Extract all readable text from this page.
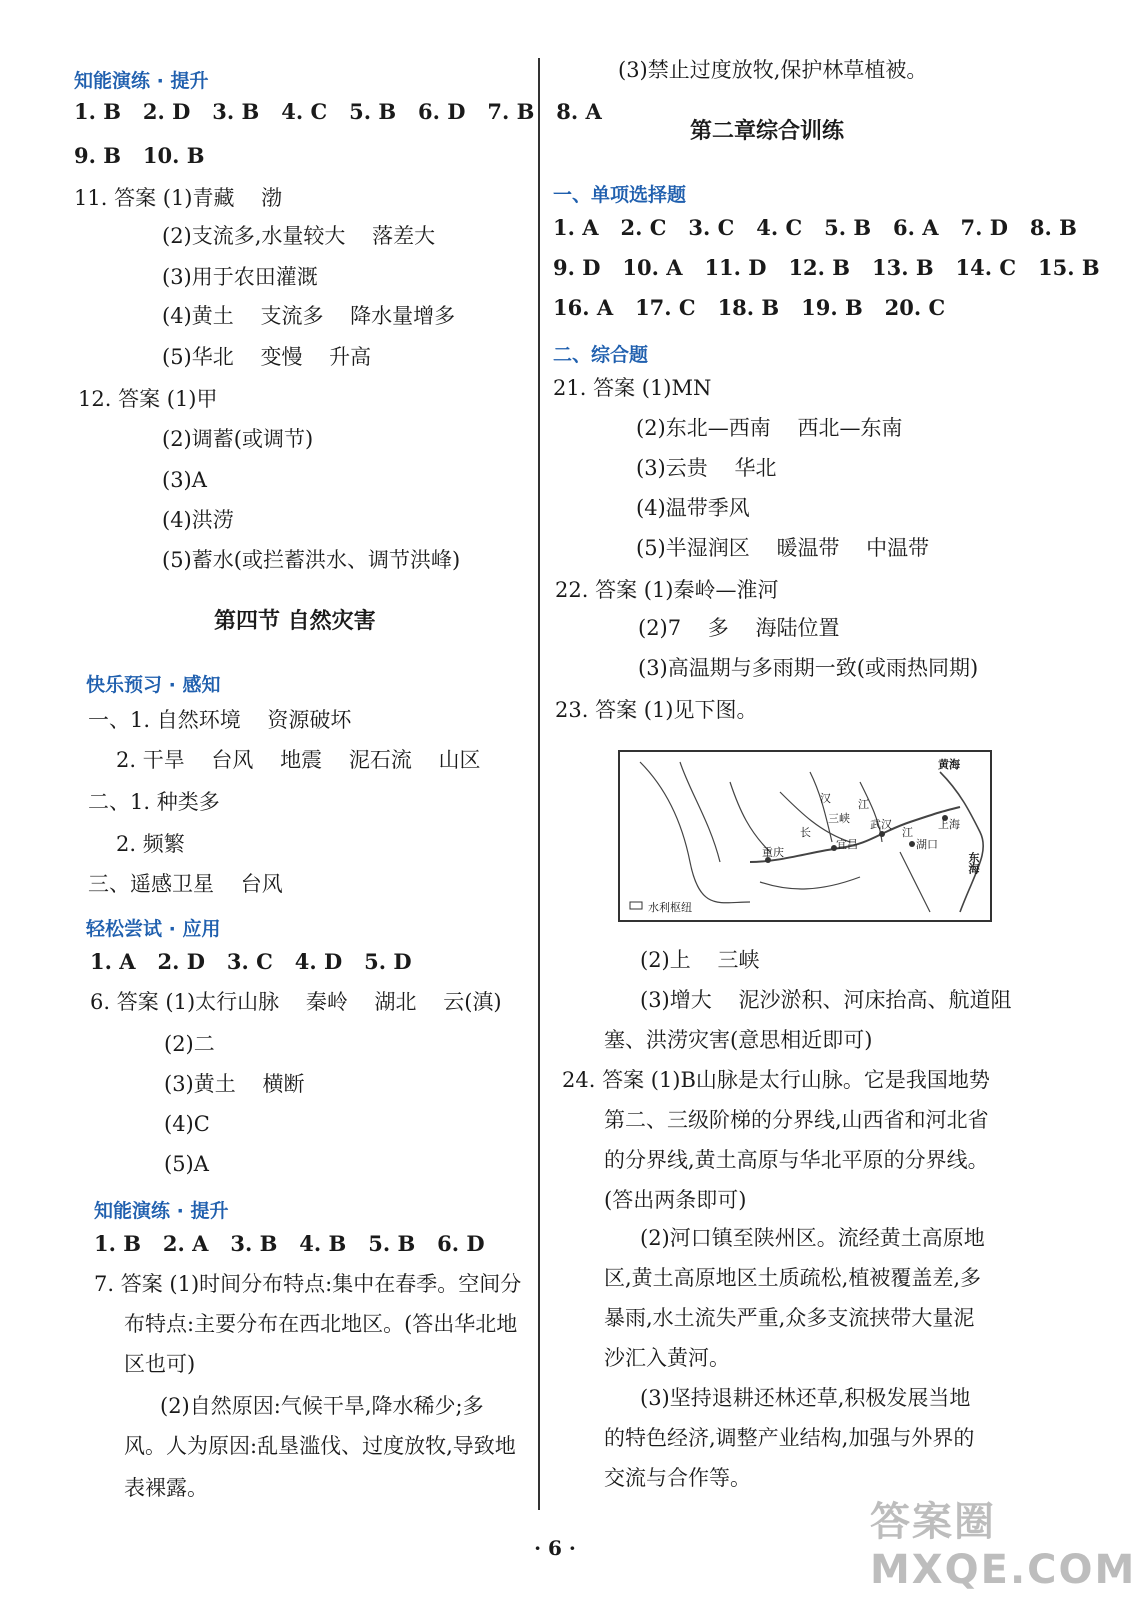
知能演练 · 提升
1. B   2. D   3. B   4. C   5. B   6. D   7. B   8. A
9. B   10. B
11. 答案 (1)青藏    渤
(2)支流多,水量较大    落差大
(3)用于农田灌溉
(4)黄土    支流多    降水量增多
(5)华北    变慢    升高
12. 答案 (1)甲
(2)调蓄(或调节)
(3)A
(4)洪涝
(5)蓄水(或拦蓄洪水、调节洪峰)
第四节 自然灾害
快乐预习 · 感知
一、1. 自然环境    资源破坏
2. 干旱    台风    地震    泥石流    山区
二、1. 种类多
2. 频繁
三、遥感卫星    台风
轻松尝试 · 应用
1. A   2. D   3. C   4. D   5. D
6. 答案 (1)太行山脉    秦岭    湖北    云(滇)
(2)二
(3)黄土    横断
(4)C
(5)A
知能演练 · 提升
1. B   2. A   3. B   4. B   5. B   6. D
7. 答案 (1)时间分布特点:集中在春季。空间分
布特点:主要分布在西北地区。(答出华北地
区也可)
(2)自然原因:气候干旱,降水稀少;多
风。人为原因:乱垦滥伐、过度放牧,导致地
表裸露。
(3)禁止过度放牧,保护林草植被。
第二章综合训练
一、单项选择题
1. A   2. C   3. C   4. C   5. B   6. A   7. D   8. B
9. D   10. A   11. D   12. B   13. B   14. C   15. B
16. A   17. C   18. B   19. B   20. C
二、综合题
21. 答案 (1)MN
(2)东北—西南    西北—东南
(3)云贵    华北
(4)温带季风
(5)半湿润区    暖温带    中温带
22. 答案 (1)秦岭—淮河
(2)7    多    海陆位置
(3)高温期与多雨期一致(或雨热同期)
23. 答案 (1)见下图。
黄海
东海
汉 江
长	江
三峡 武汉	上海
重庆
宜昌	湖口
水利枢纽
(2)上    三峡
(3)增大    泥沙淤积、河床抬高、航道阻
塞、洪涝灾害(意思相近即可)
24. 答案 (1)B山脉是太行山脉。它是我国地势
第二、三级阶梯的分界线,山西省和河北省
的分界线,黄土高原与华北平原的分界线。
(答出两条即可)
(2)河口镇至陕州区。流经黄土高原地
区,黄土高原地区土质疏松,植被覆盖差,多
暴雨,水土流失严重,众多支流挟带大量泥
沙汇入黄河。
(3)坚持退耕还林还草,积极发展当地
的特色经济,调整产业结构,加强与外界的
交流与合作等。
· 6 ·
答案圈 MXQE.COM
